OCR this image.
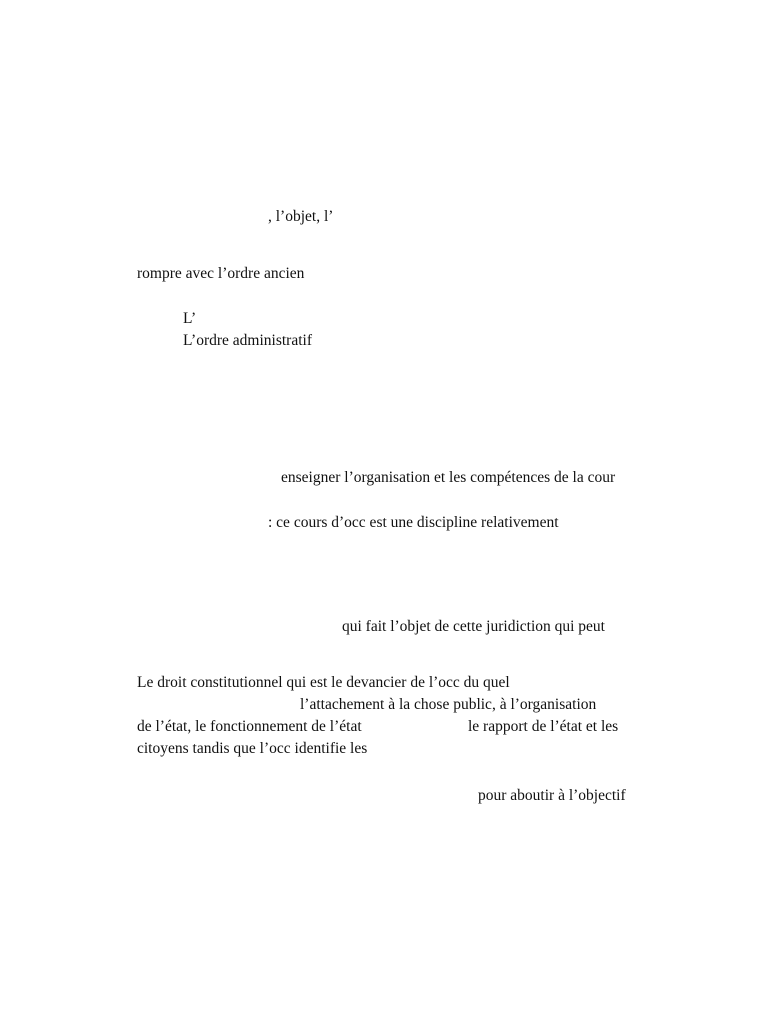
, l’objet, l’
rompre avec l’ordre ancien
L’
L’ordre administratif
enseigner l’organisation et les compétences de la cour
: ce cours d’occ est une discipline relativement
qui fait l’objet de cette juridiction qui peut
Le droit constitutionnel qui est le devancier de l’occ du quel
l’attachement à la chose public, à l’organisation
de l’état, le fonctionnement de l’état	le rapport de l’état et les
citoyens tandis que l’occ identifie les
pour aboutir à l’objectif
